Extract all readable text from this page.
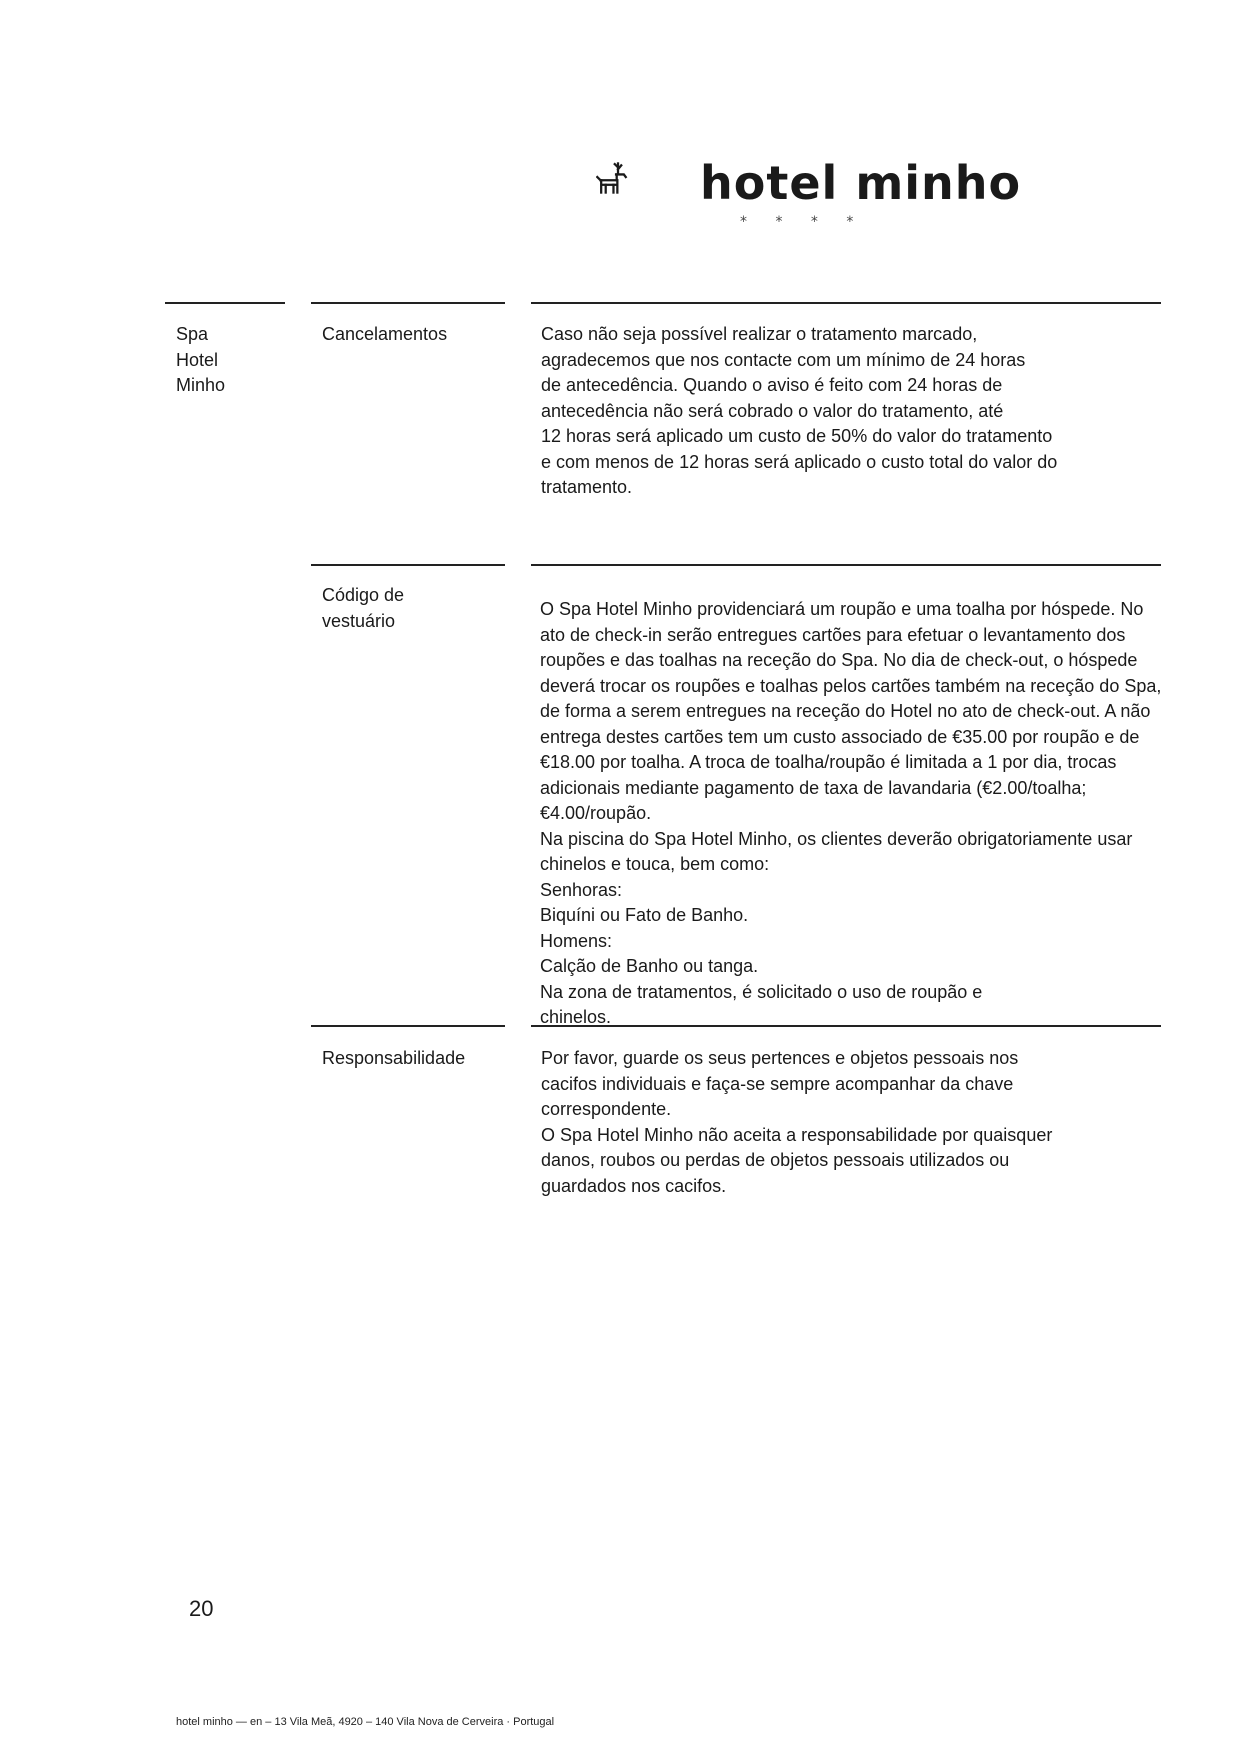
hotel minho
* * * *
Spa
Hotel
Minho
Cancelamentos	Caso não seja possível realizar o tratamento marcado,
agradecemos que nos contacte com um mínimo de 24 horas
de antecedência. Quando o aviso é feito com 24 horas de
antecedência não será cobrado o valor do tratamento, até
12 horas será aplicado um custo de 50% do valor do tratamento
e com menos de 12 horas será aplicado o custo total do valor do
tratamento.
Código de
vestuário
O Spa Hotel Minho providenciará um roupão e uma toalha por hóspede. No
ato de check-in serão entregues cartões para efetuar o levantamento dos
roupões e das toalhas na receção do Spa. No dia de check-out, o hóspede
deverá trocar os roupões e toalhas pelos cartões também na receção do Spa,
de forma a serem entregues na receção do Hotel no ato de check-out. A não
entrega destes cartões tem um custo associado de €35.00 por roupão e de
€18.00 por toalha. A troca de toalha/roupão é limitada a 1 por dia, trocas
adicionais mediante pagamento de taxa de lavandaria (€2.00/toalha;
€4.00/roupão.
Na piscina do Spa Hotel Minho, os clientes deverão obrigatoriamente usar
chinelos e touca, bem como:
Senhoras:
Biquíni ou Fato de Banho.
Homens:
Calção de Banho ou tanga.
Na zona de tratamentos, é solicitado o uso de roupão e
chinelos.
Responsabilidade	Por favor, guarde os seus pertences e objetos pessoais nos
cacifos individuais e faça-se sempre acompanhar da chave
correspondente.
O Spa Hotel Minho não aceita a responsabilidade por quaisquer
danos, roubos ou perdas de objetos pessoais utilizados ou
guardados nos cacifos.
20
hotel minho — en – 13 Vila Meã, 4920 – 140 Vila Nova de Cerveira · Portugal
